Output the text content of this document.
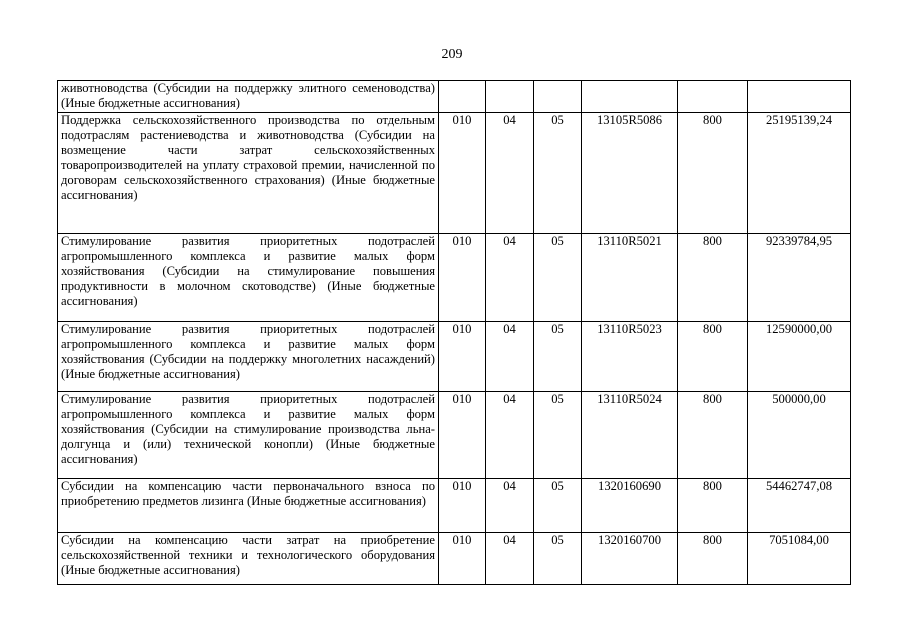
209
животноводства (Субсидии на поддержку элитного семеноводства) (Иные бюджетные ассигнования)						
Поддержка сельскохозяйственного производства по отдельным подотраслям растениеводства и животноводства (Субсидии на возмещение части затрат сельскохозяйственных товаропроизводителей на уплату страховой премии, начисленной по договорам сельскохозяйственного страхования) (Иные бюджетные ассигнования)	010	04	05	13105R5086	800	25195139,24
Стимулирование развития приоритетных подотраслей агропромышленного комплекса и развитие малых форм хозяйствования (Субсидии на стимулирование повышения продуктивности в молочном скотоводстве) (Иные бюджетные ассигнования)	010	04	05	13110R5021	800	92339784,95
Стимулирование развития приоритетных подотраслей агропромышленного комплекса и развитие малых форм хозяйствования (Субсидии на поддержку многолетних насаждений) (Иные бюджетные ассигнования)	010	04	05	13110R5023	800	12590000,00
Стимулирование развития приоритетных подотраслей агропромышленного комплекса и развитие малых форм хозяйствования (Субсидии на стимулирование производства льна-долгунца и (или) технической конопли) (Иные бюджетные ассигнования)	010	04	05	13110R5024	800	500000,00
Субсидии на компенсацию части первоначального взноса по приобретению предметов лизинга (Иные бюджетные ассигнования)	010	04	05	1320160690	800	54462747,08
Субсидии на компенсацию части затрат на приобретение сельскохозяйственной техники и технологического оборудования (Иные бюджетные ассигнования)	010	04	05	1320160700	800	7051084,00
